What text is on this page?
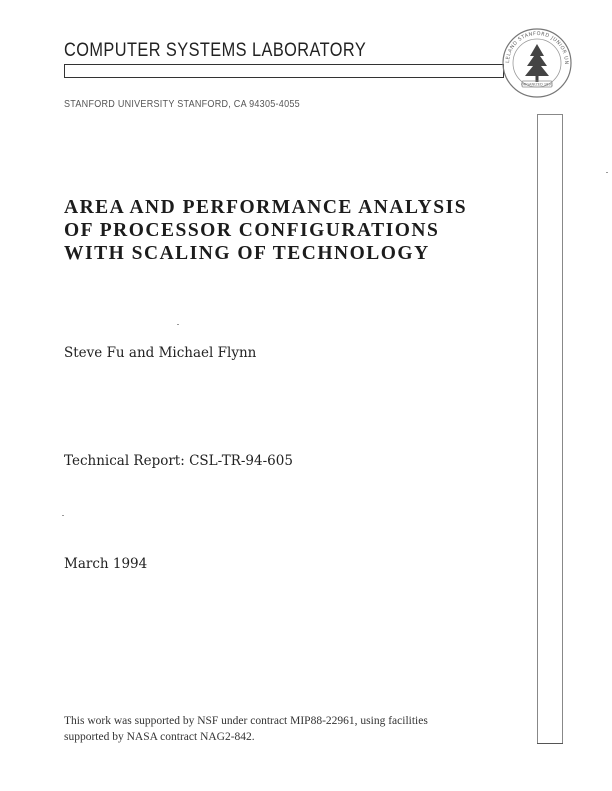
COMPUTER SYSTEMS LABORATORY
STANFORD UNIVERSITY STANFORD, CA 94305-4055
LELAND STANFORD JUNIOR UN
ORGANIZED 1891
AREA AND PERFORMANCE ANALYSIS
OF PROCESSOR CONFIGURATIONS
WITH SCALING OF TECHNOLOGY
Steve Fu and Michael Flynn
Technical Report: CSL-TR-94-605
March 1994
This work was supported by NSF under contract MIP88-22961, using facilities
supported by NASA contract NAG2-842.
